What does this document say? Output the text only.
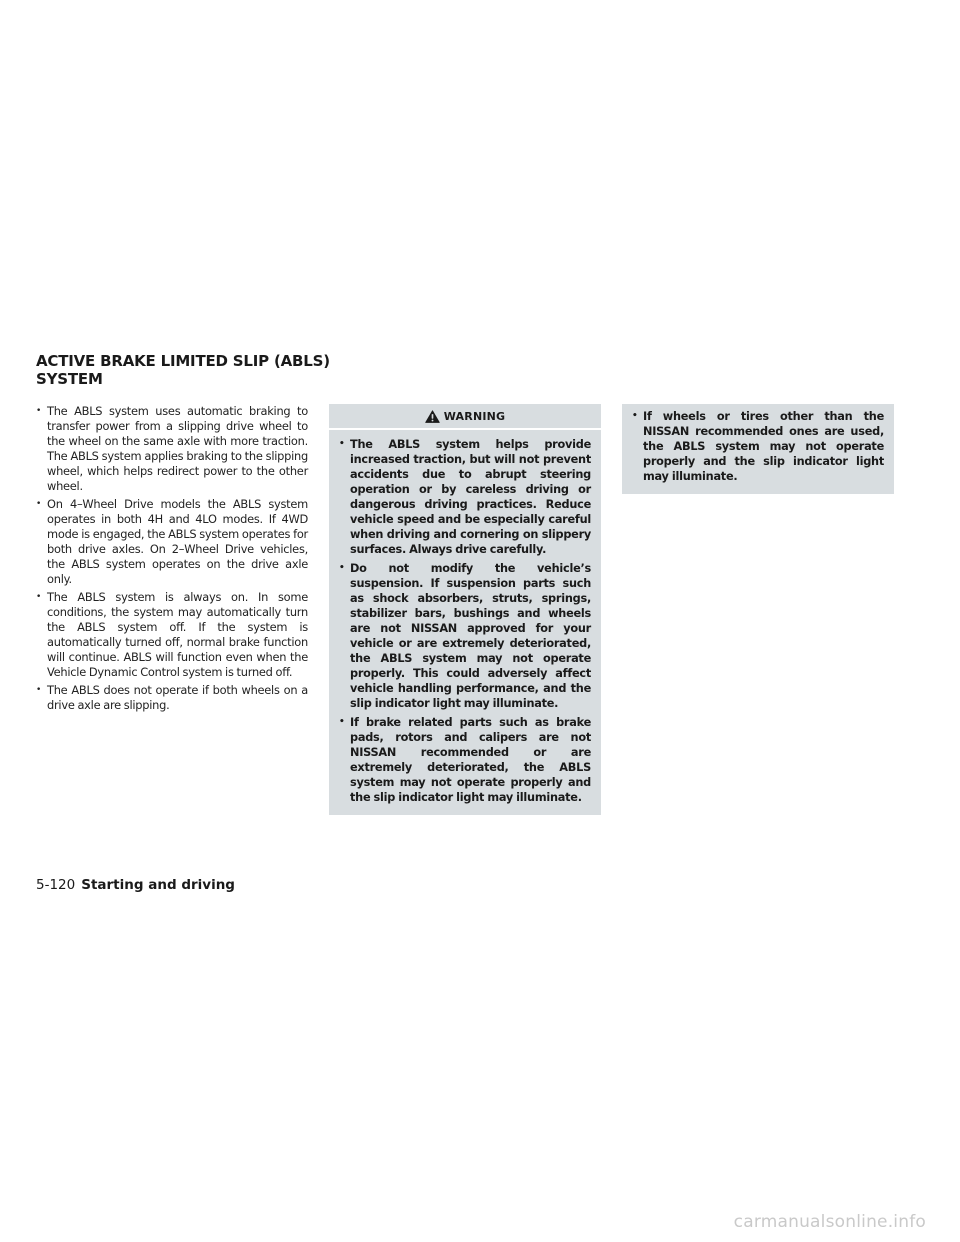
ACTIVE BRAKE LIMITED SLIP (ABLS)
SYSTEM
• The ABLS system uses automatic braking to transfer power from a slipping drive wheel to the wheel on the same axle with more traction. The ABLS system applies braking to the slipping wheel, which helps redirect power to the other wheel.
• On 4–Wheel Drive models the ABLS system operates in both 4H and 4LO modes. If 4WD mode is engaged, the ABLS system operates for both drive axles. On 2–Wheel Drive vehicles, the ABLS system operates on the drive axle only.
• The ABLS system is always on. In some conditions, the system may automatically turn the ABLS system off. If the system is automatically turned off, normal brake function will continue. ABLS will function even when the Vehicle Dynamic Control system is turned off.
• The ABLS does not operate if both wheels on a drive axle are slipping.
WARNING
• The ABLS system helps provide increased traction, but will not prevent accidents due to abrupt steering operation or by careless driving or dangerous driving practices. Reduce vehicle speed and be especially careful when driving and cornering on slippery surfaces. Always drive carefully.
• Do not modify the vehicle’s suspension. If suspension parts such as shock absorbers, struts, springs, stabilizer bars, bushings and wheels are not NISSAN approved for your vehicle or are extremely deteriorated, the ABLS system may not operate properly. This could adversely affect vehicle handling performance, and the slip indicator light may illuminate.
• If brake related parts such as brake pads, rotors and calipers are not NISSAN recommended or are extremely deteriorated, the ABLS system may not operate properly and the slip indicator light may illuminate.
• If wheels or tires other than the NISSAN recommended ones are used, the ABLS system may not operate properly and the slip indicator light may illuminate.
5-120 Starting and driving
carmanualsonline.info
